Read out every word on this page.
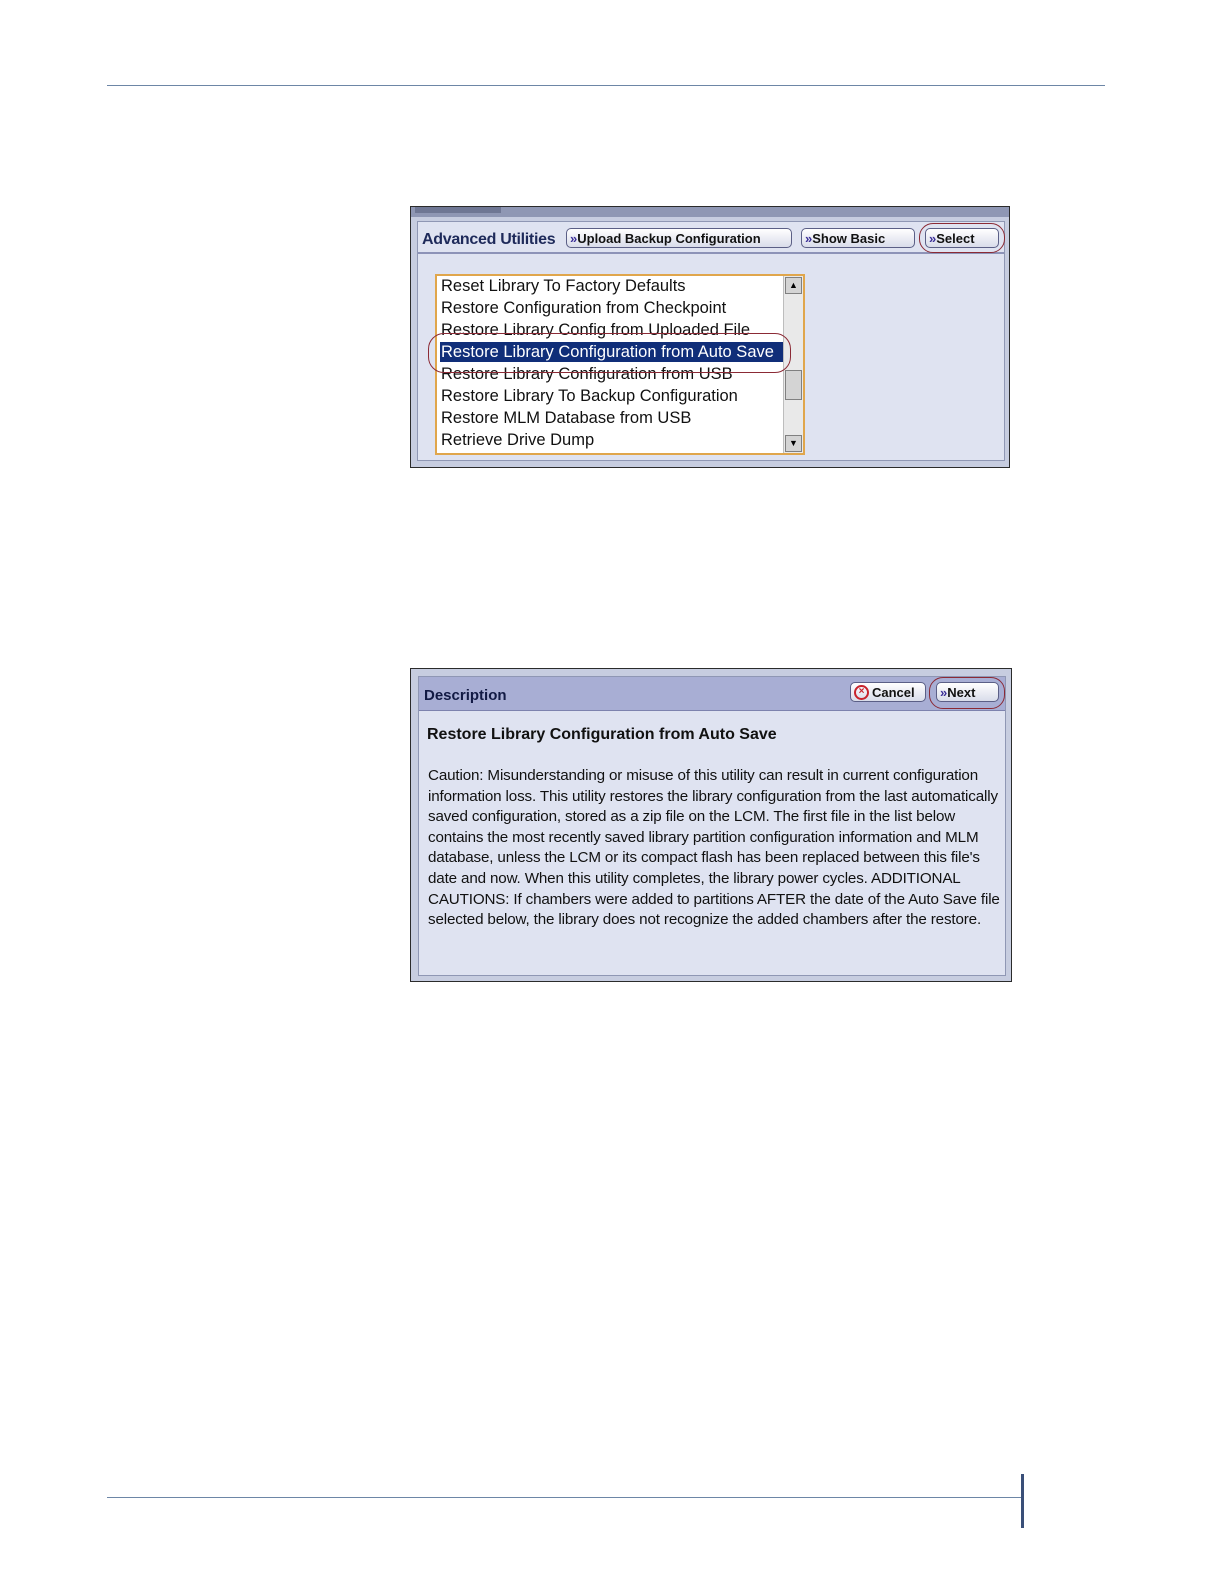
Advanced Utilities » Upload Backup Configuration	» Show Basic	» Select
Reset Library To Factory Defaults
Restore Configuration from Checkpoint
Restore Library Config from Uploaded File
Restore Library Configuration from Auto Save
Restore Library Configuration from USB
Restore Library To Backup Configuration
Restore MLM Database from USB
Retrieve Drive Dump
▲
▼
Description	× Cancel » Next
Restore Library Configuration from Auto Save
Caution: Misunderstanding or misuse of this utility can result in current configuration information loss. This utility restores the library configuration from the last automatically saved configuration, stored as a zip file on the LCM. The first file in the list below contains the most recently saved library partition configuration information and MLM database, unless the LCM or its compact flash has been replaced between this file's date and now. When this utility completes, the library power cycles. ADDITIONAL CAUTIONS: If chambers were added to partitions AFTER the date of the Auto Save file selected below, the library does not recognize the added chambers after the restore.
